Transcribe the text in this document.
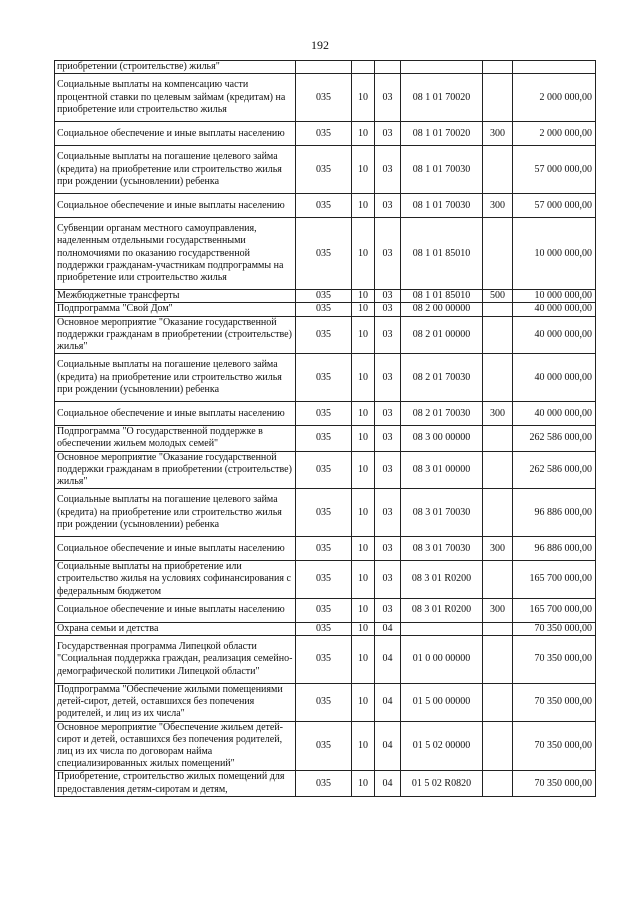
192
приобретении (строительстве) жилья"						
Социальные выплаты на компенсацию части процентной ставки по целевым займам (кредитам) на приобретение или строительство жилья	035	10	03	08 1 01 70020		2 000 000,00
Социальное обеспечение и иные выплаты населению	035	10	03	08 1 01 70020	300	2 000 000,00
Социальные выплаты на погашение целевого займа (кредита) на приобретение или строительство жилья при рождении (усыновлении) ребенка	035	10	03	08 1 01 70030		57 000 000,00
Социальное обеспечение и иные выплаты населению	035	10	03	08 1 01 70030	300	57 000 000,00
Субвенции органам местного самоуправления, наделенным отдельными государственными полномочиями по оказанию государственной поддержки гражданам-участникам подпрограммы на приобретение или строительство жилья	035	10	03	08 1 01 85010		10 000 000,00
Межбюджетные трансферты	035	10	03	08 1 01 85010	500	10 000 000,00
Подпрограмма "Свой Дом"	035	10	03	08 2 00 00000		40 000 000,00
Основное мероприятие "Оказание государственной поддержки гражданам в приобретении (строительстве) жилья"	035	10	03	08 2 01 00000		40 000 000,00
Социальные выплаты на погашение целевого займа (кредита) на приобретение или строительство жилья при рождении (усыновлении) ребенка	035	10	03	08 2 01 70030		40 000 000,00
Социальное обеспечение и иные выплаты населению	035	10	03	08 2 01 70030	300	40 000 000,00
Подпрограмма "О государственной поддержке в обеспечении жильем молодых семей"	035	10	03	08 3 00 00000		262 586 000,00
Основное мероприятие "Оказание государственной поддержки гражданам в приобретении (строительстве) жилья"	035	10	03	08 3 01 00000		262 586 000,00
Социальные выплаты на погашение целевого займа (кредита) на приобретение или строительство жилья при рождении (усыновлении) ребенка	035	10	03	08 3 01 70030		96 886 000,00
Социальное обеспечение и иные выплаты населению	035	10	03	08 3 01 70030	300	96 886 000,00
Социальные выплаты на приобретение или строительство жилья на условиях софинансирования с федеральным бюджетом	035	10	03	08 3 01 R0200		165 700 000,00
Социальное обеспечение и иные выплаты населению	035	10	03	08 3 01 R0200	300	165 700 000,00
Охрана семьи и детства	035	10	04			70 350 000,00
Государственная программа Липецкой области "Социальная поддержка граждан, реализация семейно-демографической политики Липецкой области"	035	10	04	01 0 00 00000		70 350 000,00
Подпрограмма "Обеспечение жилыми помещениями детей-сирот, детей, оставшихся без попечения родителей, и лиц из их числа"	035	10	04	01 5 00 00000		70 350 000,00
Основное мероприятие "Обеспечение жильем детей-сирот и детей, оставшихся без попечения родителей, лиц из их числа по договорам найма специализированных жилых помещений"	035	10	04	01 5 02 00000		70 350 000,00
Приобретение, строительство жилых помещений для предоставления детям-сиротам и детям,	035	10	04	01 5 02 R0820		70 350 000,00
